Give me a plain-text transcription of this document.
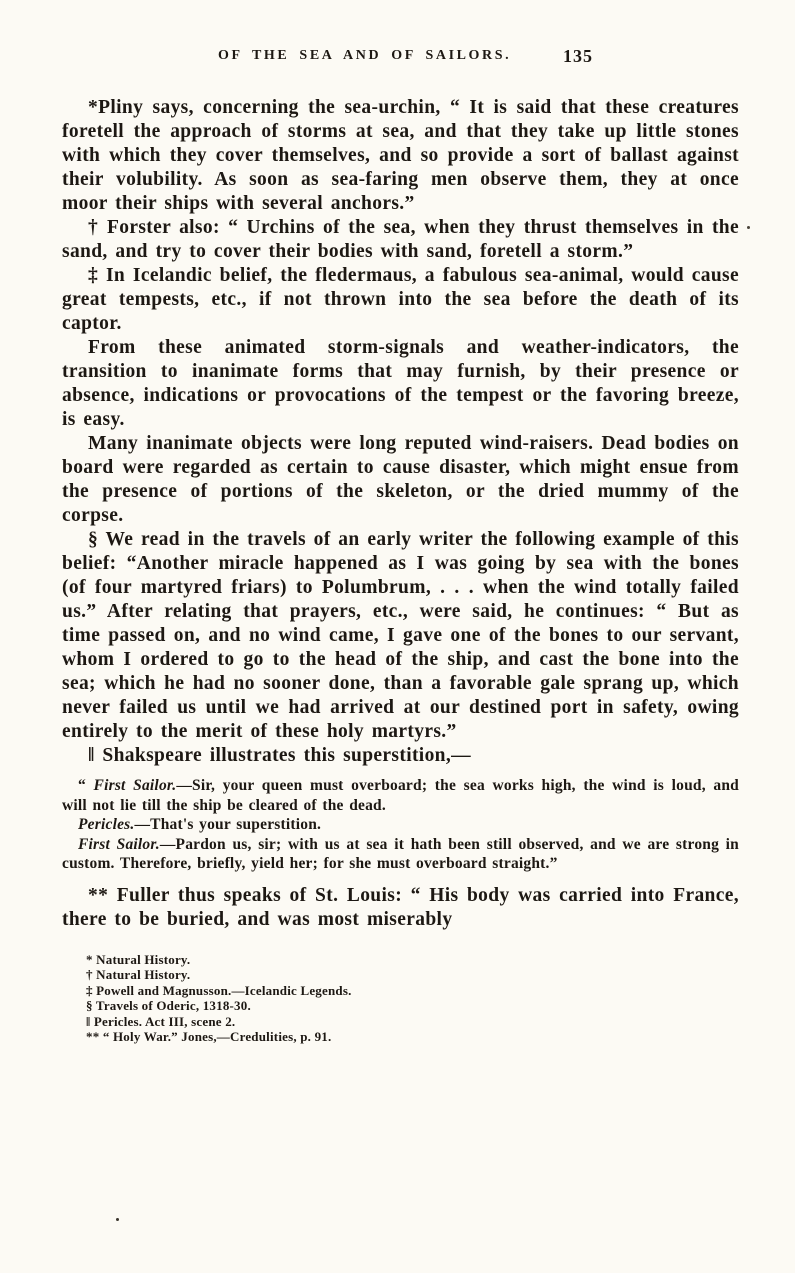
OF THE SEA AND OF SAILORS.	135

*Pliny says, concerning the sea-urchin, “ It is said that these creatures foretell the approach of storms at sea, and that they take up little stones with which they cover themselves, and so provide a sort of ballast against their volubility. As soon as sea-faring men observe them, they at once moor their ships with several anchors.”

† Forster also: “ Urchins of the sea, when they thrust themselves in the sand, and try to cover their bodies with sand, foretell a storm.”

‡ In Icelandic belief, the fledermaus, a fabulous sea-animal, would cause great tempests, etc., if not thrown into the sea before the death of its captor.

From these animated storm-signals and weather-indicators, the transition to inanimate forms that may furnish, by their presence or absence, indications or provocations of the tempest or the favoring breeze, is easy.

Many inanimate objects were long reputed wind-raisers. Dead bodies on board were regarded as certain to cause disaster, which might ensue from the presence of portions of the skeleton, or the dried mummy of the corpse.

§ We read in the travels of an early writer the following example of this belief: “Another miracle happened as I was going by sea with the bones (of four martyred friars) to Polumbrum, . . . when the wind totally failed us.” After relating that prayers, etc., were said, he continues: “ But as time passed on, and no wind came, I gave one of the bones to our servant, whom I ordered to go to the head of the ship, and cast the bone into the sea; which he had no sooner done, than a favorable gale sprang up, which never failed us until we had arrived at our destined port in safety, owing entirely to the merit of these holy martyrs.”

‖ Shakspeare illustrates this superstition,—

“ First Sailor.—Sir, your queen must overboard; the sea works high, the wind is loud, and will not lie till the ship be cleared of the dead.

Pericles.—That's your superstition.

First Sailor.—Pardon us, sir; with us at sea it hath been still observed, and we are strong in custom. Therefore, briefly, yield her; for she must overboard straight.”

** Fuller thus speaks of St. Louis: “ His body was carried into France, there to be buried, and was most miserably

* Natural History.

† Natural History.

‡ Powell and Magnusson.—Icelandic Legends.

§ Travels of Oderic, 1318-30.

‖ Pericles. Act III, scene 2.

** “ Holy War.” Jones,—Credulities, p. 91.
